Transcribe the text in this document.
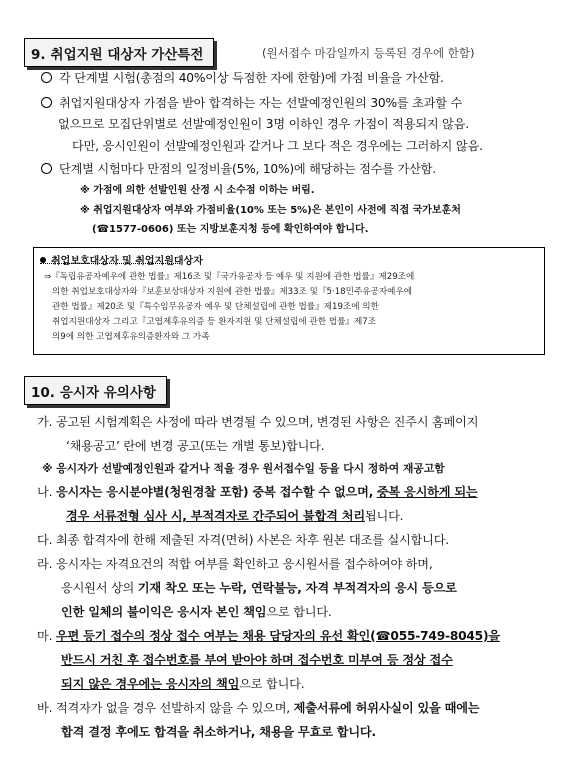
9. 취업지원 대상자 가산특전	(원서접수 마감일까지 등록된 경우에 한함)
각 단계별 시험(총점의 40%이상 득점한 자에 한함)에 가점 비율을 가산함.
취업지원대상자 가점을 받아 합격하는 자는 선발예정인원의 30%를 초과할 수
없으므로 모집단위별로 선발예정인원이 3명 이하인 경우 가점이 적용되지 않음.
다만, 응시인원이 선발예정인원과 같거나 그 보다 적은 경우에는 그러하지 않음.
단계별 시험마다 만점의 일정비율(5%, 10%)에 해당하는 점수를 가산함.
※ 가점에 의한 선발인원 산정 시 소수점 이하는 버림.
※ 취업지원대상자 여부와 가점비율(10% 또는 5%)은 본인이 사전에 직접 국가보훈처
(☎1577-0606) 또는 지방보훈지청 등에 확인하여야 합니다.
취업보호대상자 및 취업지원대상자
⇒『독립유공자예우에 관한 법률』제16조 및『국가유공자 등 예우 및 지원에 관한 법률』제29조에
의한 취업보호대상자와『보훈보상대상자 지원에 관한 법률』제33조 및『5·18민주유공자예우에
관한 법률』제20조 및『특수임무유공자 예우 및 단체설립에 관한 법률』제19조에 의한
취업지원대상자 그리고『고엽제후유의증 등 환자지원 및 단체설립에 관한 법률』제7조
의9에 의한 고엽제후유의증환자와 그 가족
10. 응시자 유의사항
가. 공고된 시험계획은 사정에 따라 변경될 수 있으며, 변경된 사항은 진주시 홈페이지
‘채용공고’ 란에 변경 공고(또는 개별 통보)합니다.
※ 응시자가 선발예정인원과 같거나 적을 경우 원서접수일 등을 다시 정하여 재공고함
나. 응시자는 응시분야별(청원경찰 포함) 중복 접수할 수 없으며, 중복 응시하게 되는
경우 서류전형 심사 시, 부적격자로 간주되어 불합격 처리됩니다.
다. 최종 합격자에 한해 제출된 자격(면허) 사본은 차후 원본 대조를 실시합니다.
라. 응시자는 자격요건의 적합 여부를 확인하고 응시원서를 접수하여야 하며,
응시원서 상의 기재 착오 또는 누락, 연락불능, 자격 부적격자의 응시 등으로
인한 일체의 불이익은 응시자 본인 책임으로 합니다.
마. 우편 등기 접수의 정상 접수 여부는 채용 담당자의 유선 확인(☎055-749-8045)을
반드시 거친 후 접수번호를 부여 받아야 하며 접수번호 미부여 등 정상 접수
되지 않은 경우에는 응시자의 책임으로 합니다.
바. 적격자가 없을 경우 선발하지 않을 수 있으며, 제출서류에 허위사실이 있을 때에는
합격 결정 후에도 합격을 취소하거나, 채용을 무효로 합니다.
